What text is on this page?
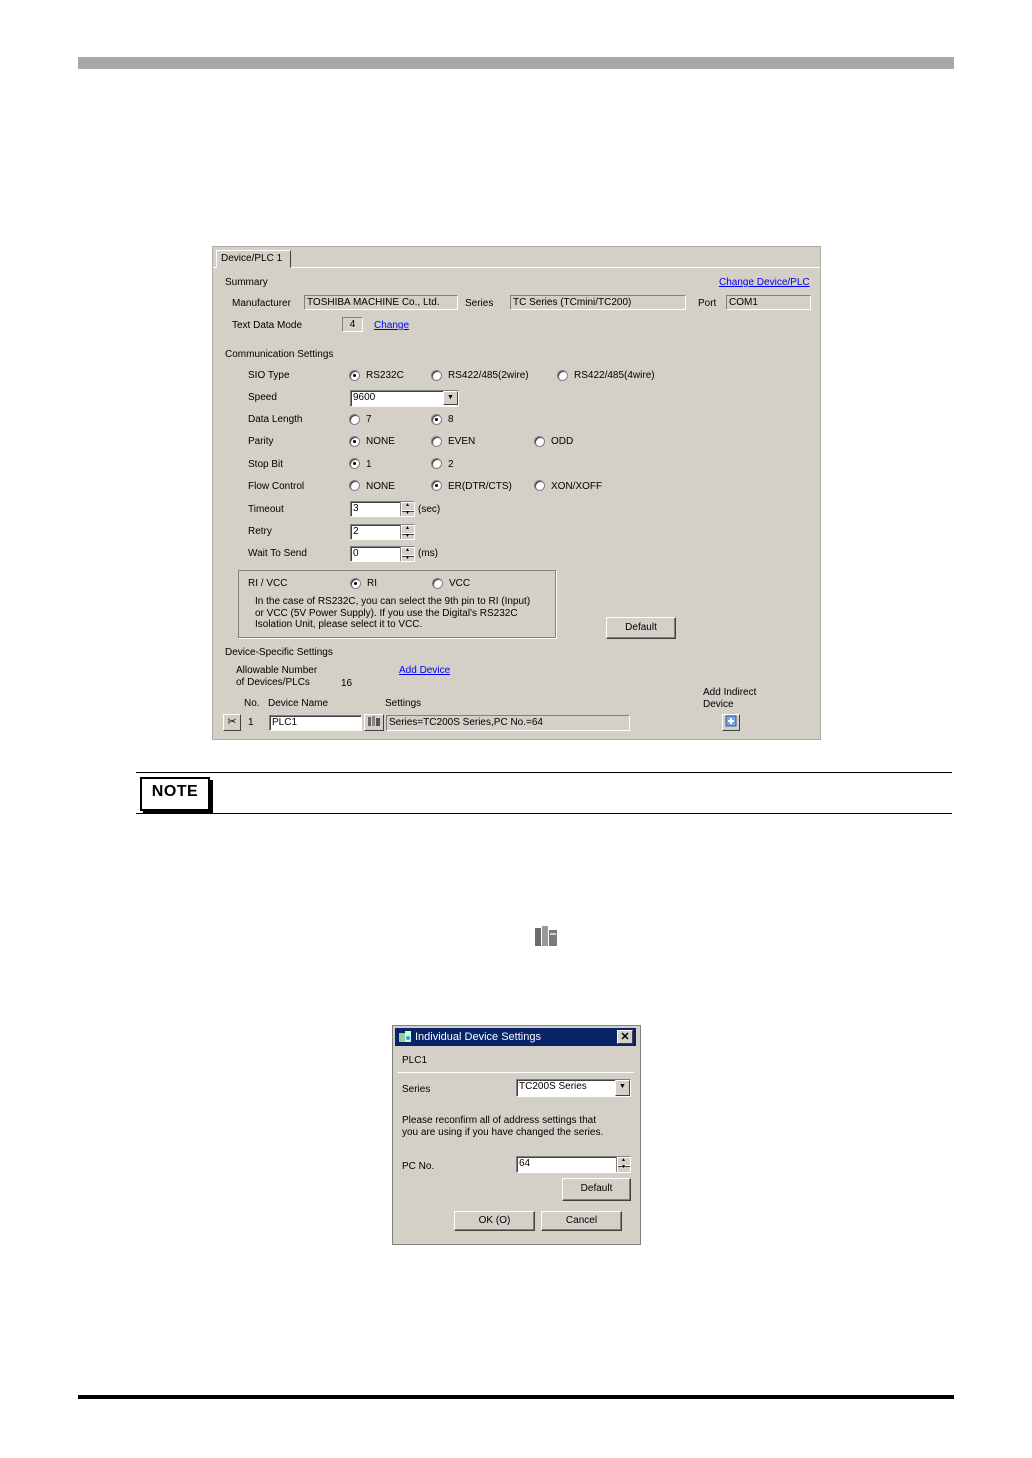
Device/PLC 1
Summary	Change Device/PLC
Manufacturer	TOSHIBA MACHINE Co., Ltd.	Series	TC Series (TCmini/TC200)	Port	COM1
Text Data Mode	4	Change
Communication Settings
SIO Type	RS232C	RS422/485(2wire)	RS422/485(4wire)
Speed	9600	▼
Data Length	7	8
Parity	NONE	EVEN	ODD
Stop Bit	1	2
Flow Control	NONE	ER(DTR/CTS)	XON/XOFF
Timeout	3	▲
▼ (sec)
Retry	2	▲
▼
Wait To Send	0	▲
▼ (ms)
RI / VCC	RI	VCC
In the case of RS232C, you can select the 9th pin to RI (Input)
or VCC (5V Power Supply). If you use the Digital's RS232C
Isolation Unit, please select it to VCC.	Default
Device-Specific Settings
Allowable Number
of Devices/PLCs	16
Add Device
Add Indirect
Device
No. Device Name	Settings
✂	1	PLC1	Series=TC200S Series,PC No.=64
NOTE
Individual Device Settings	✕
PLC1
Series	TC200S Series	▼
Please reconfirm all of address settings that
you are using if you have changed the series.
PC No.	64	▲
▼
Default
OK (O)	Cancel
